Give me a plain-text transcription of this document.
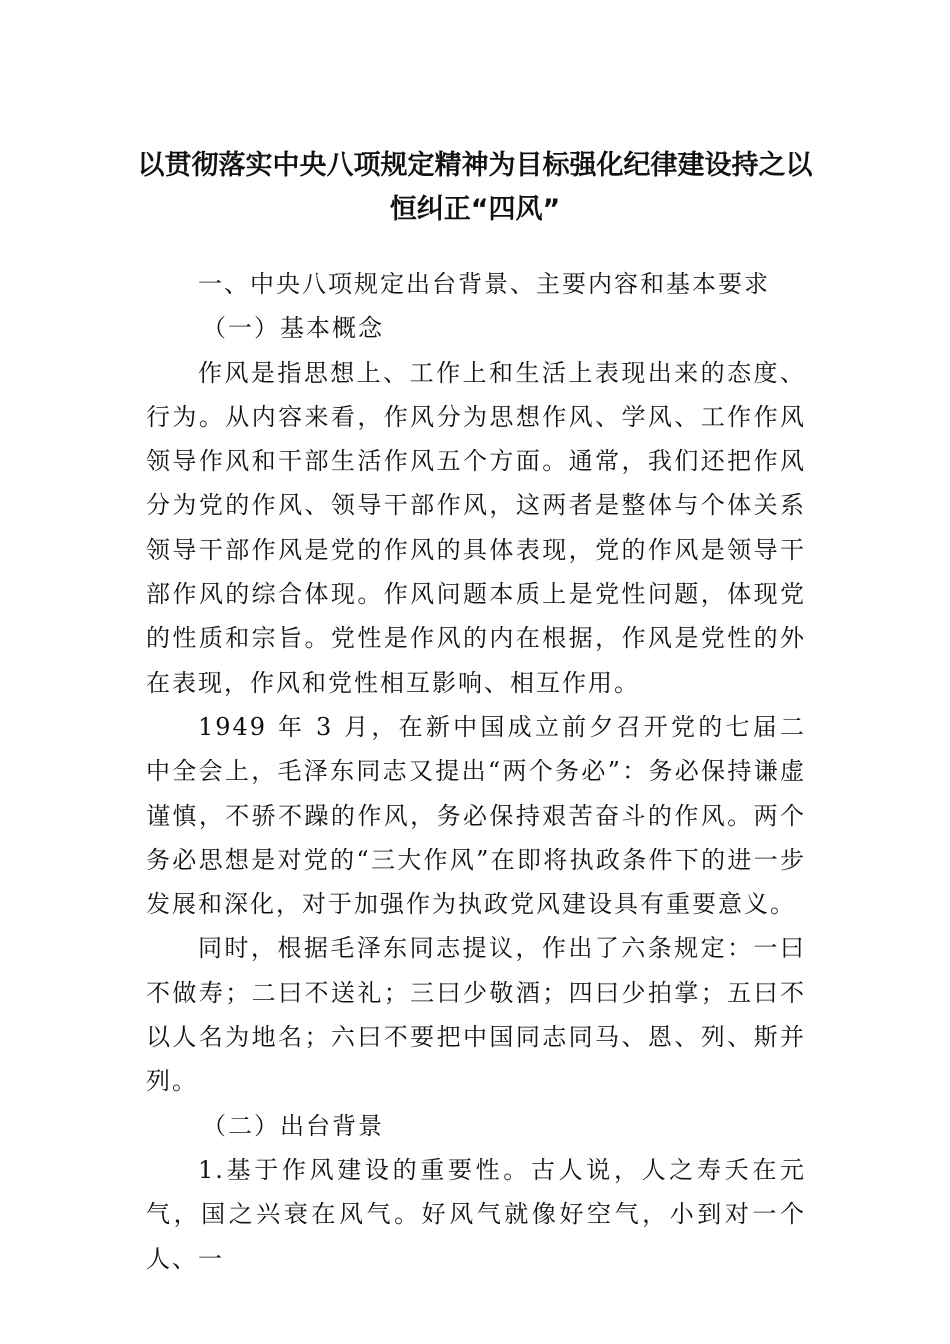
以贯彻落实中央八项规定精神为目标强化纪律建设持之以
恒纠正“四风”

一、中央八项规定出台背景、主要内容和基本要求

（一）基本概念

作风是指思想上、工作上和生活上表现出来的态度、行为。从内容来看，作风分为思想作风、学风、工作作风领导作风和干部生活作风五个方面。通常，我们还把作风分为党的作风、领导干部作风，这两者是整体与个体关系领导干部作风是党的作风的具体表现，党的作风是领导干部作风的综合体现。作风问题本质上是党性问题，体现党的性质和宗旨。党性是作风的内在根据，作风是党性的外在表现，作风和党性相互影响、相互作用。

1949 年 3 月，在新中国成立前夕召开党的七届二中全会上，毛泽东同志又提出“两个务必”：务必保持谦虚谨慎，不骄不躁的作风，务必保持艰苦奋斗的作风。两个务必思想是对党的“三大作风”在即将执政条件下的进一步发展和深化，对于加强作为执政党风建设具有重要意义。

同时，根据毛泽东同志提议，作出了六条规定：一曰不做寿；二曰不送礼；三曰少敬酒；四曰少拍掌；五曰不以人名为地名；六曰不要把中国同志同马、恩、列、斯并列。

（二）出台背景

1.基于作风建设的重要性。古人说，人之寿夭在元气，国之兴衰在风气。好风气就像好空气，小到对一个人、一
